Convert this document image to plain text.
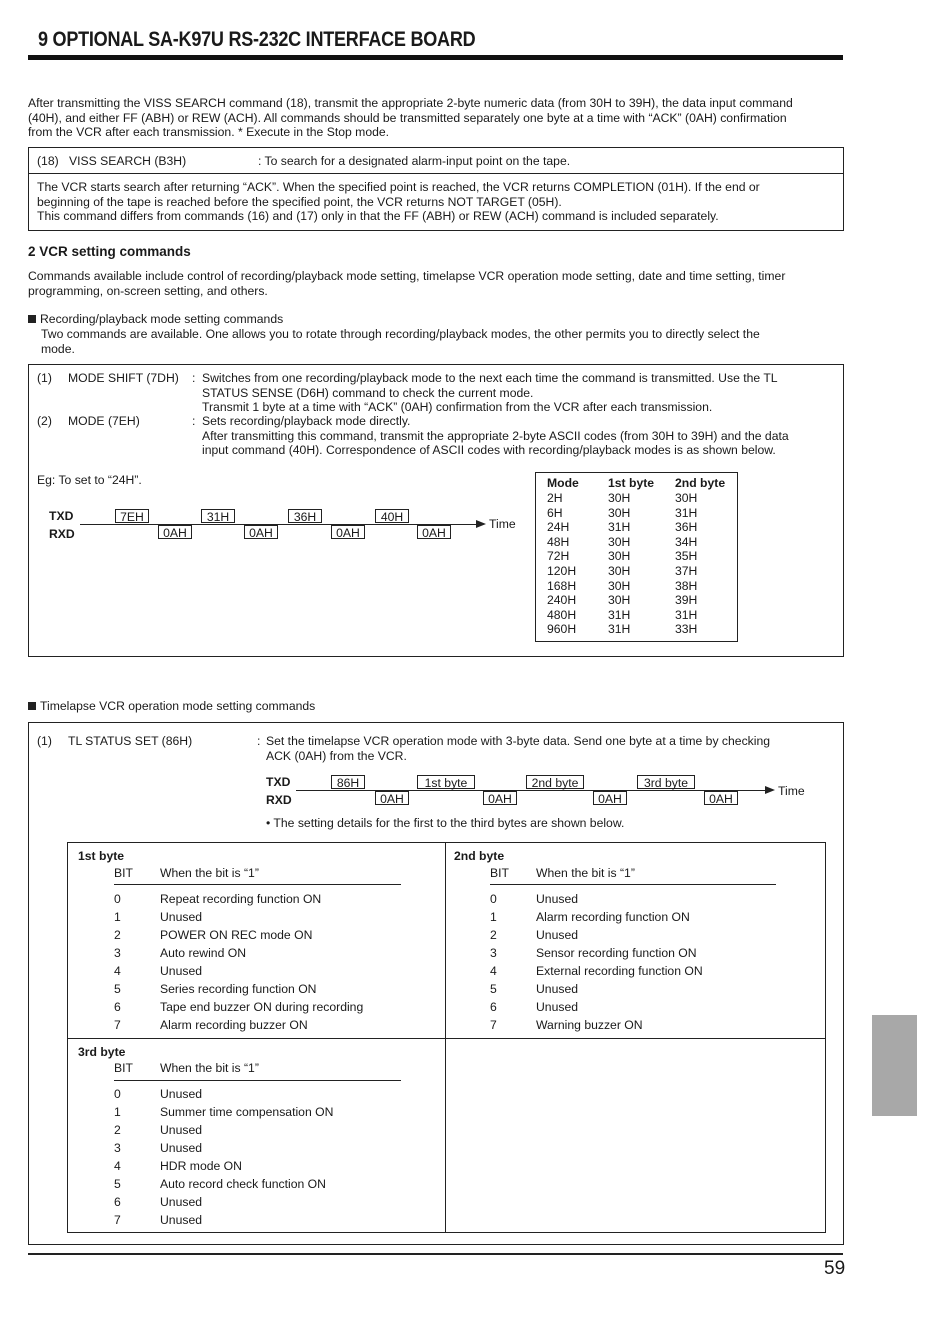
9 OPTIONAL SA-K97U RS-232C INTERFACE BOARD
After transmitting the VISS SEARCH command (18), transmit the appropriate 2-byte numeric data (from 30H to 39H), the data input command
(40H), and either FF (ABH) or REW (ACH). All commands should be transmitted separately one byte at a time with “ACK” (0AH) confirmation
from the VCR after each transmission. * Execute in the Stop mode.
(18) VISS SEARCH (B3H)	: To search for a designated alarm-input point on the tape.
The VCR starts search after returning “ACK”. When the specified point is reached, the VCR returns COMPLETION (01H). If the end or
beginning of the tape is reached before the specified point, the VCR returns NOT TARGET (05H).
This command differs from commands (16) and (17) only in that the FF (ABH) or REW (ACH) command is included separately.
2 VCR setting commands
Commands available include control of recording/playback mode setting, timelapse VCR operation mode setting, date and time setting, timer
programming, on-screen setting, and others.
Recording/playback mode setting commands
Two commands are available. One allows you to rotate through recording/playback modes, the other permits you to directly select the
mode.
(1) MODE SHIFT (7DH) : Switches from one recording/playback mode to the next each time the command is transmitted. Use the TL
STATUS SENSE (D6H) command to check the current mode.
Transmit 1 byte at a time with “ACK” (0AH) confirmation from the VCR after each transmission.
(2) MODE (7EH)	: Sets recording/playback mode directly.
After transmitting this command, transmit the appropriate 2-byte ASCII codes (from 30H to 39H) and the data
input command (40H). Correspondence of ASCII codes with recording/playback modes is as shown below.
Eg: To set to “24H”.
TXD
RXD
Time
7EH	31H	36H	40H
0AH	0AH	0AH	0AH
Mode 1st byte 2nd byte
2H	30H	30H
6H	30H	31H
24H	31H	36H
48H	30H	34H
72H	30H	35H
120H	30H	37H
168H	30H	38H
240H	30H	39H
480H	31H	31H
960H	31H	33H
Timelapse VCR operation mode setting commands
(1) TL STATUS SET (86H)	: Set the timelapse VCR operation mode with 3-byte data. Send one byte at a time by checking
ACK (0AH) from the VCR.
TXD
RXD
Time
86H	1st byte	2nd byte	3rd byte
0AH	0AH	0AH	0AH
• The setting details for the first to the third bytes are shown below.
1st byte
BIT When the bit is “1”
0	Repeat recording function ON
1	Unused
2	POWER ON REC mode ON
3	Auto rewind ON
4	Unused
5	Series recording function ON
6	Tape end buzzer ON during recording
7	Alarm recording buzzer ON
2nd byte
BIT When the bit is “1”
0	Unused
1	Alarm recording function ON
2	Unused
3	Sensor recording function ON
4	External recording function ON
5	Unused
6	Unused
7	Warning buzzer ON
3rd byte
BIT When the bit is “1”
0	Unused
1	Summer time compensation ON
2	Unused
3	Unused
4	HDR mode ON
5	Auto record check function ON
6	Unused
7	Unused
59
